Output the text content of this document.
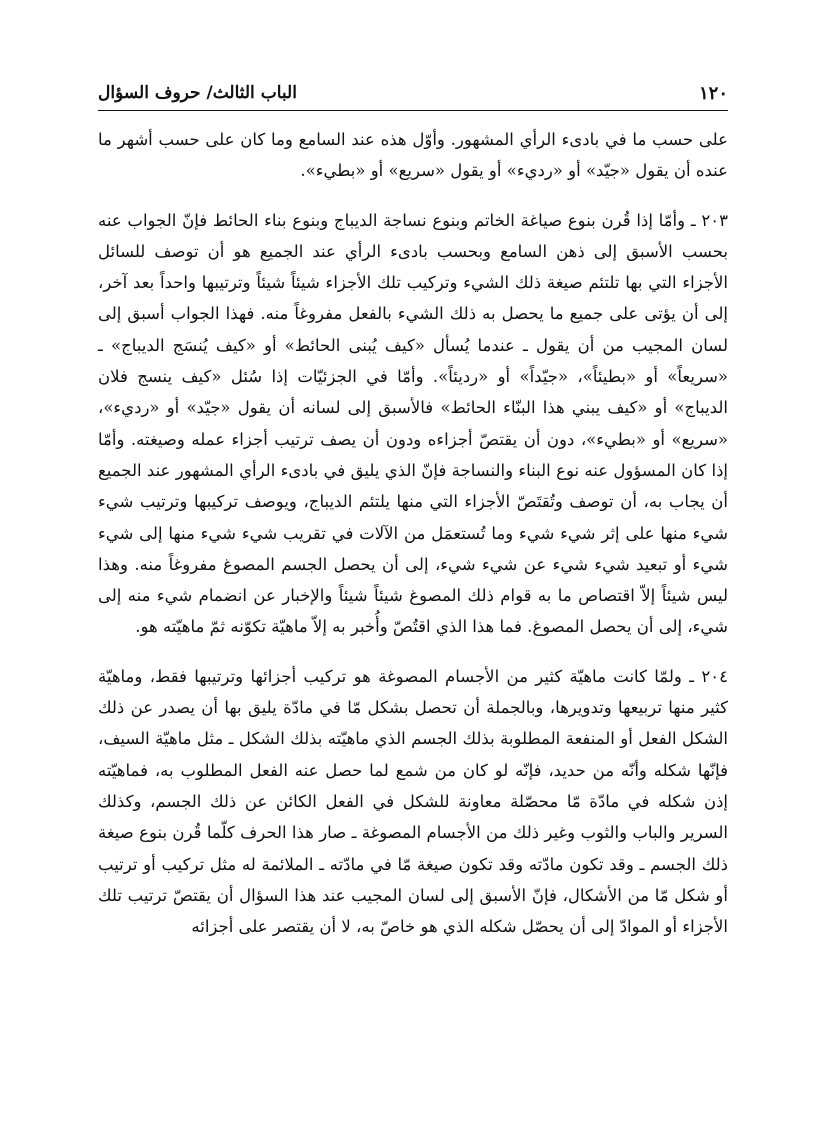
١٢٠
الباب الثالث/ حروف السؤال

على حسب ما في بادىء الرأي المشهور. وأوّل هذه عند السامع وما كان على حسب أشهر ما عنده أن يقول «جيّد» أو «رديء» أو يقول «سريع» أو «بطيء».

٢٠٣ ـ وأمّا إذا قُرن بنوع صياغة الخاتم وبنوع نساجة الديباج وبنوع بناء الحائط فإنّ الجواب عنه بحسب الأسبق إلى ذهن السامع وبحسب بادىء الرأي عند الجميع هو أن توصف للسائل الأجزاء التي بها تلتئم صيغة ذلك الشيء وتركيب تلك الأجزاء شيئاً شيئاً وترتيبها واحداً بعد آخر، إلى أن يؤتى على جميع ما يحصل به ذلك الشيء بالفعل مفروغاً منه. فهذا الجواب أسبق إلى لسان المجيب من أن يقول ـ عندما يُسأل «كيف يُبنى الحائط» أو «كيف يُنسَج الديباج» ـ «سريعاً» أو «بطيئاً»، «جيّداً» أو «رديئاً». وأمّا في الجزئيّات إذا سُئل «كيف ينسج فلان الديباج» أو «كيف يبني هذا البنّاء الحائط» فالأسبق إلى لسانه أن يقول «جيّد» أو «رديء»، «سريع» أو «بطيء»، دون أن يقتصّ أجزاءه ودون أن يصف ترتيب أجزاء عمله وصيغته. وأمّا إذا كان المسؤول عنه نوع البناء والنساجة فإنّ الذي يليق في بادىء الرأي المشهور عند الجميع أن يجاب به، أن توصف وتُقتَصّ الأجزاء التي منها يلتئم الديباج، ويوصف تركيبها وترتيب شيء شيء منها على إثر شيء شيء وما تُستعمَل من الآلات في تقريب شيء شيء منها إلى شيء شيء أو تبعيد شيء شيء عن شيء شيء، إلى أن يحصل الجسم المصوغ مفروغاً منه. وهذا ليس شيئاً إلاّ اقتصاص ما به قوام ذلك المصوغ شيئاً شيئاً والإخبار عن انضمام شيء منه إلى شيء، إلى أن يحصل المصوغ. فما هذا الذي اقتُصّ وأُخبر به إلاّ ماهيّة تكوّنه ثمّ ماهيّته هو.

٢٠٤ ـ ولمّا كانت ماهيّة كثير من الأجسام المصوغة هو تركيب أجزائها وترتيبها فقط، وماهيّة كثير منها تربيعها وتدويرها، وبالجملة أن تحصل بشكل مّا في مادّة يليق بها أن يصدر عن ذلك الشكل الفعل أو المنفعة المطلوبة بذلك الجسم الذي ماهيّته بذلك الشكل ـ مثل ماهيّة السيف، فإنّها شكله وأنّه من حديد، فإنّه لو كان من شمع لما حصل عنه الفعل المطلوب به، فماهيّته إذن شكله في مادّة مّا محصّلة معاونة للشكل في الفعل الكائن عن ذلك الجسم، وكذلك السرير والباب والثوب وغير ذلك من الأجسام المصوغة ـ صار هذا الحرف كلّما قُرن بنوع صيغة ذلك الجسم ـ وقد تكون مادّته وقد تكون صيغة مّا في مادّته ـ الملائمة له مثل تركيب أو ترتيب أو شكل مّا من الأشكال، فإنّ الأسبق إلى لسان المجيب عند هذا السؤال أن يقتصّ ترتيب تلك الأجزاء أو الموادّ إلى أن يحصّل شكله الذي هو خاصّ به، لا أن يقتصر على أجزائه
